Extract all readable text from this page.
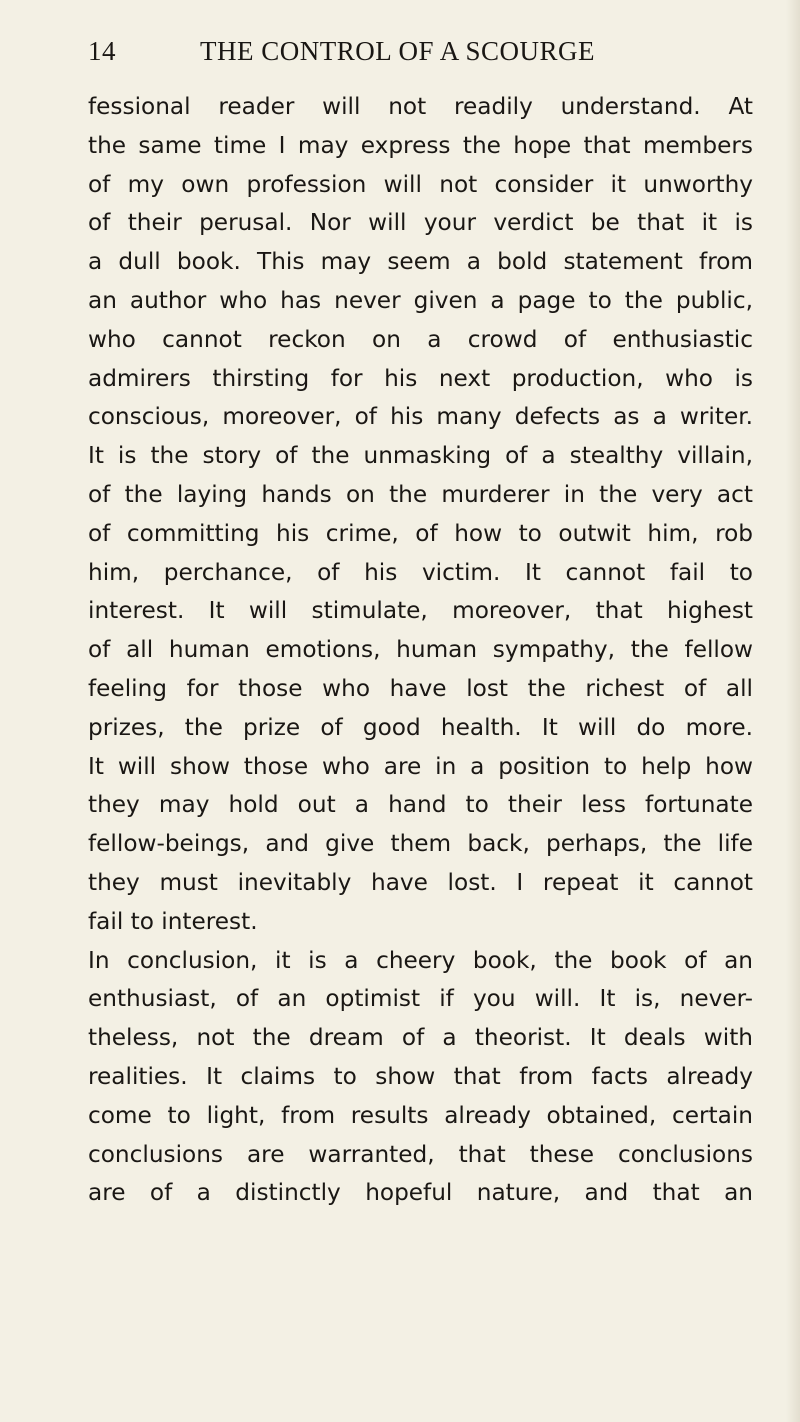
14	THE CONTROL OF A SCOURGE
fessional reader will not readily understand. At
the same time I may express the hope that members
of my own profession will not consider it unworthy
of their perusal. Nor will your verdict be that it is
a dull book. This may seem a bold statement from
an author who has never given a page to the public,
who cannot reckon on a crowd of enthusiastic
admirers thirsting for his next production, who is
conscious, moreover, of his many defects as a writer.
It is the story of the unmasking of a stealthy villain,
of the laying hands on the murderer in the very act
of committing his crime, of how to outwit him, rob
him, perchance, of his victim. It cannot fail to
interest. It will stimulate, moreover, that highest
of all human emotions, human sympathy, the fellow
feeling for those who have lost the richest of all
prizes, the prize of good health. It will do more.
It will show those who are in a position to help how
they may hold out a hand to their less fortunate
fellow-beings, and give them back, perhaps, the life
they must inevitably have lost. I repeat it cannot
fail to interest.
In conclusion, it is a cheery book, the book of an
enthusiast, of an optimist if you will. It is, never-
theless, not the dream of a theorist. It deals with
realities. It claims to show that from facts already
come to light, from results already obtained, certain
conclusions are warranted, that these conclusions
are of a distinctly hopeful nature, and that an
